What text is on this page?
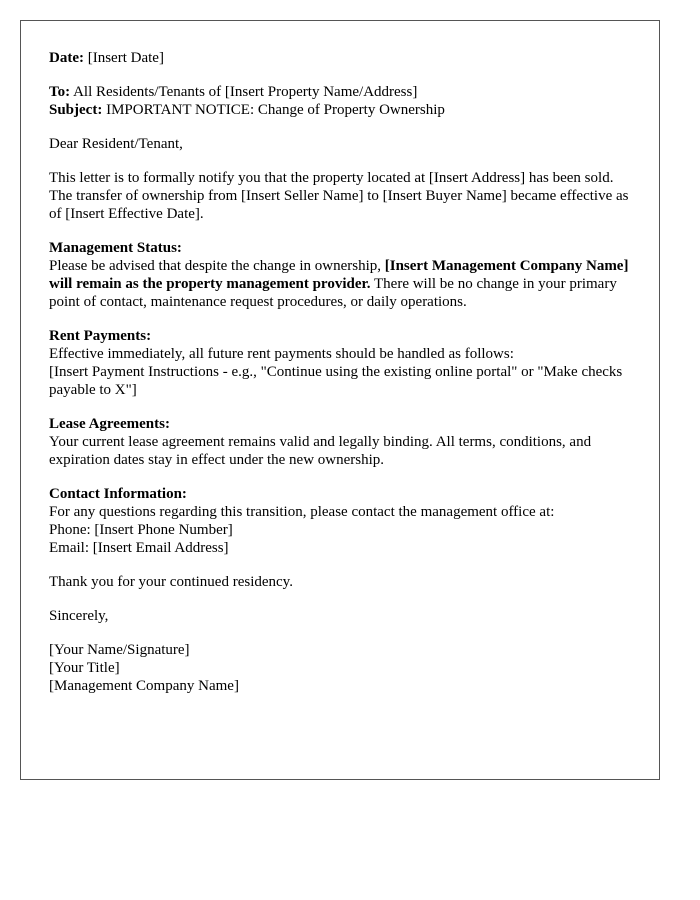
Date: [Insert Date]

To: All Residents/Tenants of [Insert Property Name/Address]
Subject: IMPORTANT NOTICE: Change of Property Ownership

Dear Resident/Tenant,

This letter is to formally notify you that the property located at [Insert Address] has been sold. The transfer of ownership from [Insert Seller Name] to [Insert Buyer Name] became effective as of [Insert Effective Date].

Management Status:
Please be advised that despite the change in ownership, [Insert Management Company Name] will remain as the property management provider. There will be no change in your primary point of contact, maintenance request procedures, or daily operations.

Rent Payments:
Effective immediately, all future rent payments should be handled as follows:
[Insert Payment Instructions - e.g., "Continue using the existing online portal" or "Make checks payable to X"]

Lease Agreements:
Your current lease agreement remains valid and legally binding. All terms, conditions, and expiration dates stay in effect under the new ownership.

Contact Information:
For any questions regarding this transition, please contact the management office at:
Phone: [Insert Phone Number]
Email: [Insert Email Address]

Thank you for your continued residency.

Sincerely,

[Your Name/Signature]
[Your Title]
[Management Company Name]
